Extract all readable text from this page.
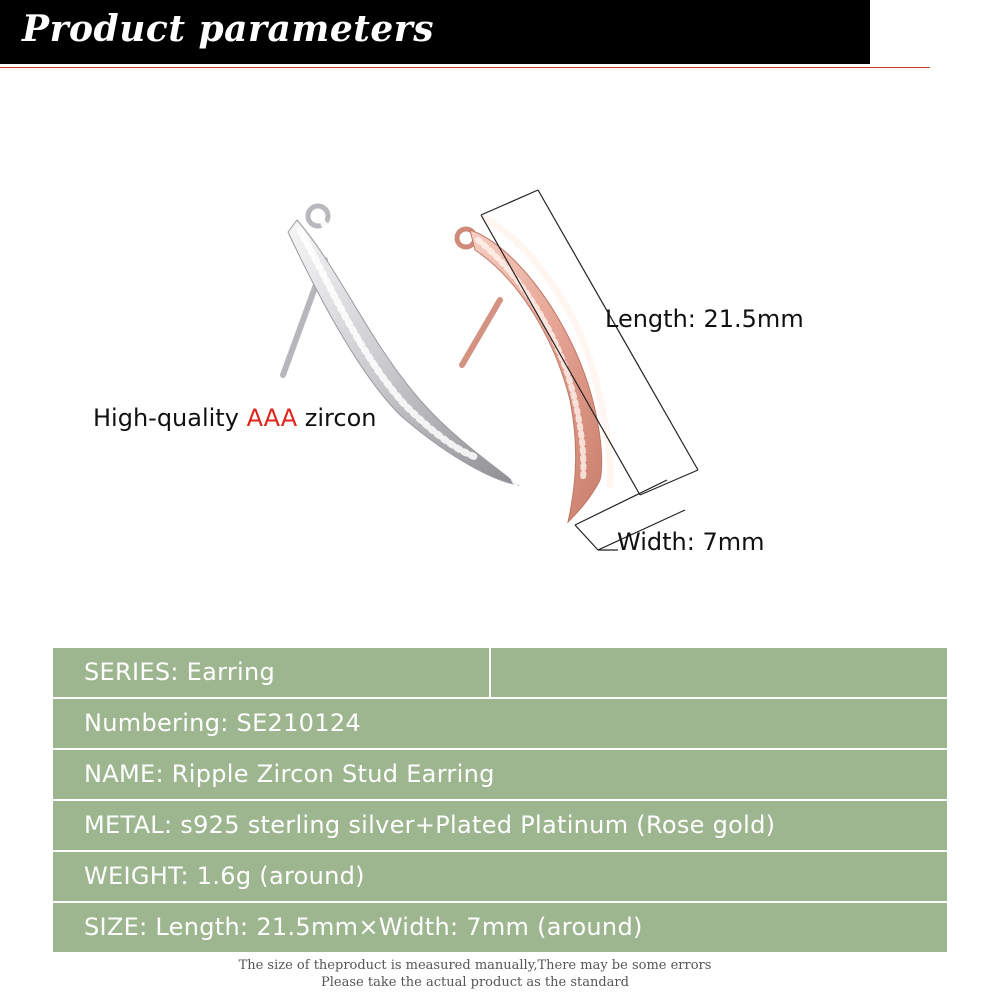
Product parameters
High-quality AAA zircon
Length: 21.5mm
Width: 7mm
SERIES: Earring
Numbering: SE210124
NAME: Ripple Zircon Stud Earring
METAL: s925 sterling silver+Plated Platinum (Rose gold)
WEIGHT: 1.6g (around)
SIZE: Length: 21.5mm×Width: 7mm (around)
The size of theproduct is measured manually,There may be some errors
Please take the actual product as the standard
